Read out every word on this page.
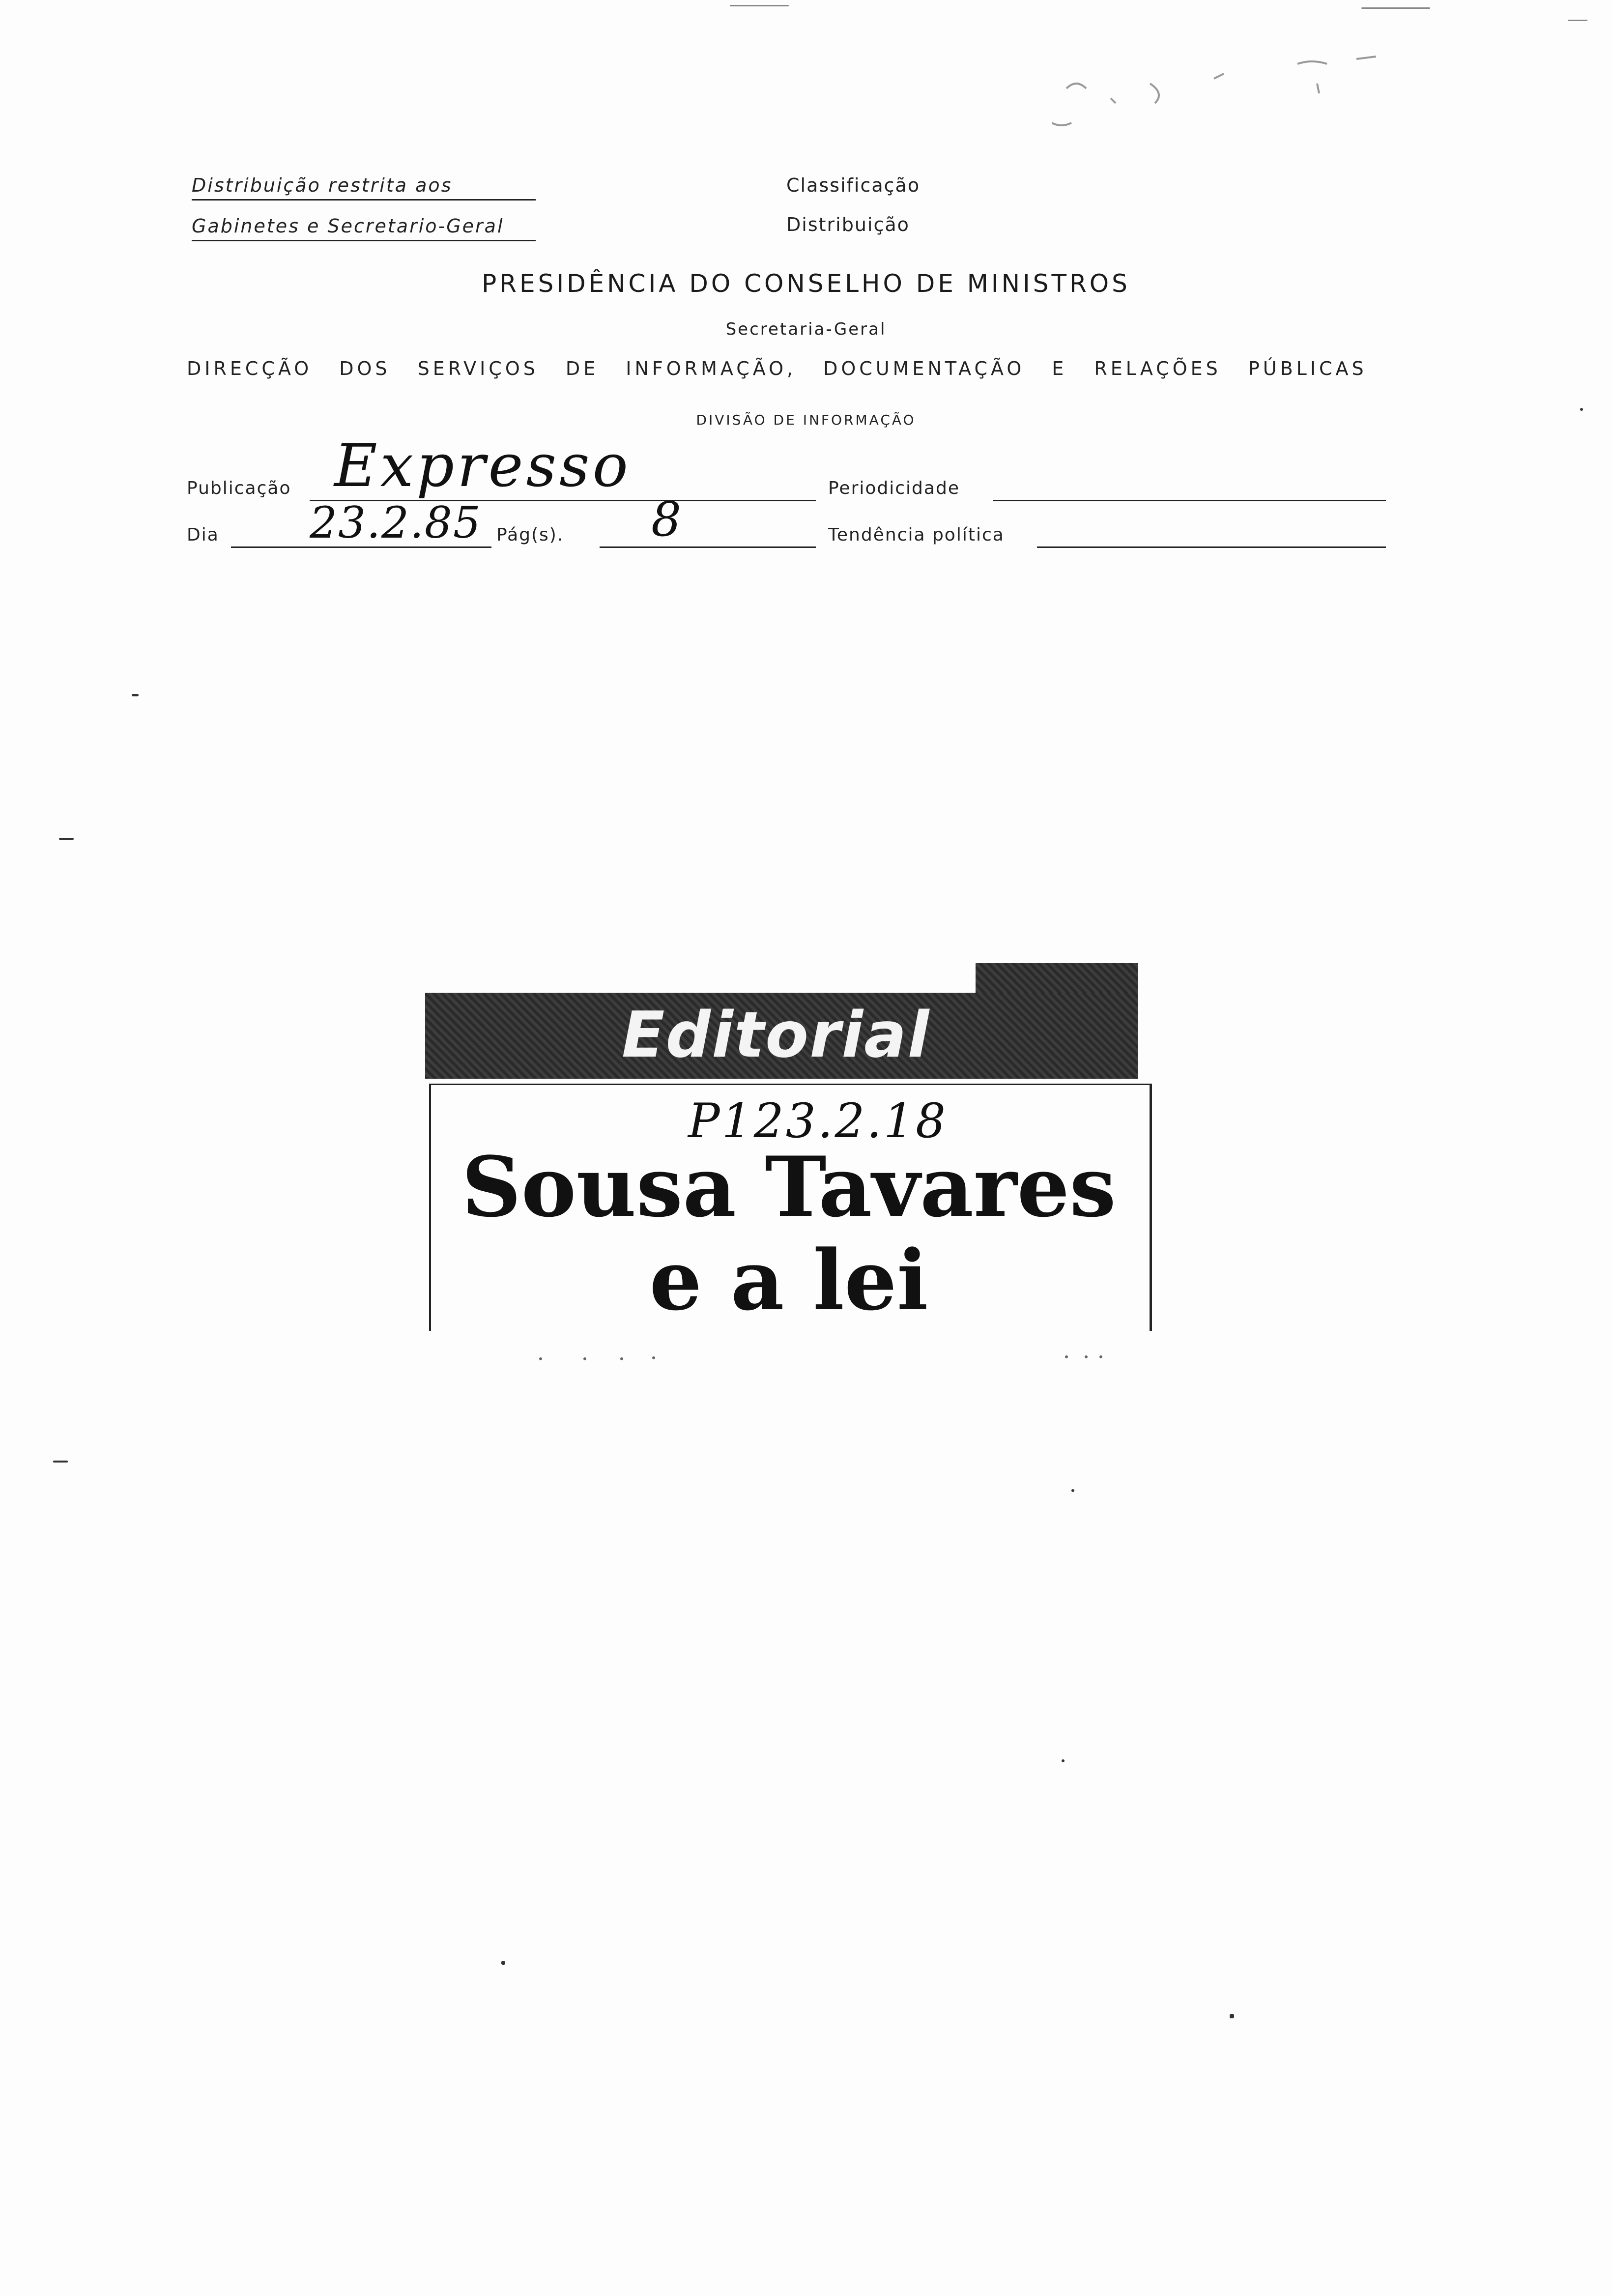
Distribuição restrita aos
Gabinetes e Secretario-Geral
Classificação
Distribuição
PRESIDÊNCIA DO CONSELHO DE MINISTROS
Secretaria-Geral
DIRECÇÃO DOS SERVIÇOS DE INFORMAÇÃO, DOCUMENTAÇÃO E RELAÇÕES PÚBLICAS
DIVISÃO DE INFORMAÇÃO
Publicação Expresso	Periodicidade
Dia 23.2.85 Pág(s). 8	Tendência política
Editorial
P123.2.18
Sousa Tavares
e a lei
